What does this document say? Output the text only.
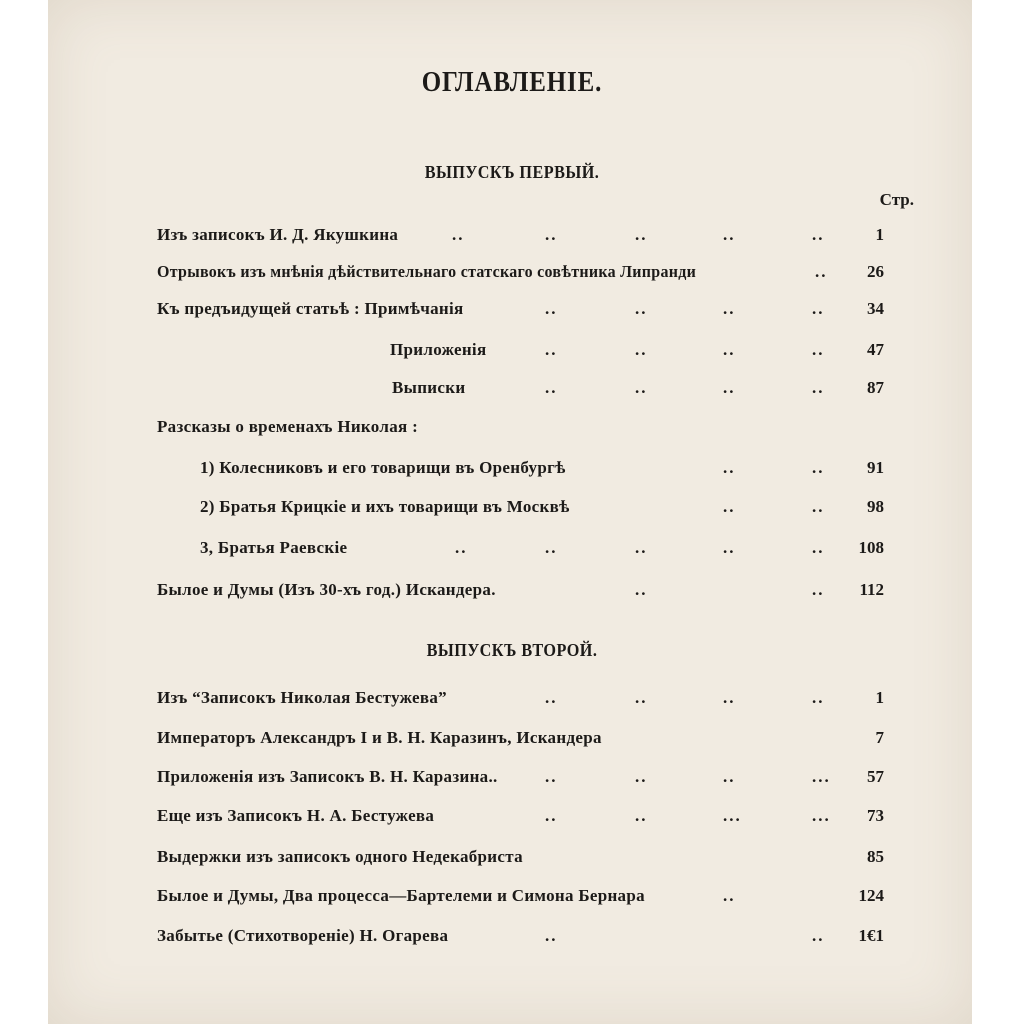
ОГЛАВЛЕНІЕ.
ВЫПУСКЪ ПЕРВЫЙ.
Стр.
Изъ записокъ И. Д. Якушкина	..	..	..	..	..	1
Отрывокъ изъ мнѣнія дѣйствительнаго статскаго совѣтника Липранди	..	26
Къ предъидущей статьѣ : Примѣчанія	..	..	..	..	34
Приложенія	..	..	..	..	47
Выписки	..	..	..	..	87
Разсказы о временахъ Николая :
1) Колесниковъ и его товарищи въ Оренбургѣ	..	..	91
2) Братья Крицкіе и ихъ товарищи въ Москвѣ	..	..	98
3, Братья Раевскіе	..	..	..	..	..	108
Былое и Думы (Изъ 30-хъ год.) Искандера.	..	..	112
ВЫПУСКЪ ВТОРОЙ.
Изъ “Записокъ Николая Бестужева”	..	..	..	..	1
Императоръ Александръ I и В. Н. Каразинъ, Искандера	7
Приложенія изъ Записокъ В. Н. Каразина..	..	..	..	...	57
Еще изъ Записокъ Н. А. Бестужева	..	..	...	...	73
Выдержки изъ записокъ одного Недекабриста	85
Былое и Думы, Два процесса—Бартелеми и Симона Бернара	..	124
Забытье (Стихотвореніе) Н. Огарева	..	..	1€1
